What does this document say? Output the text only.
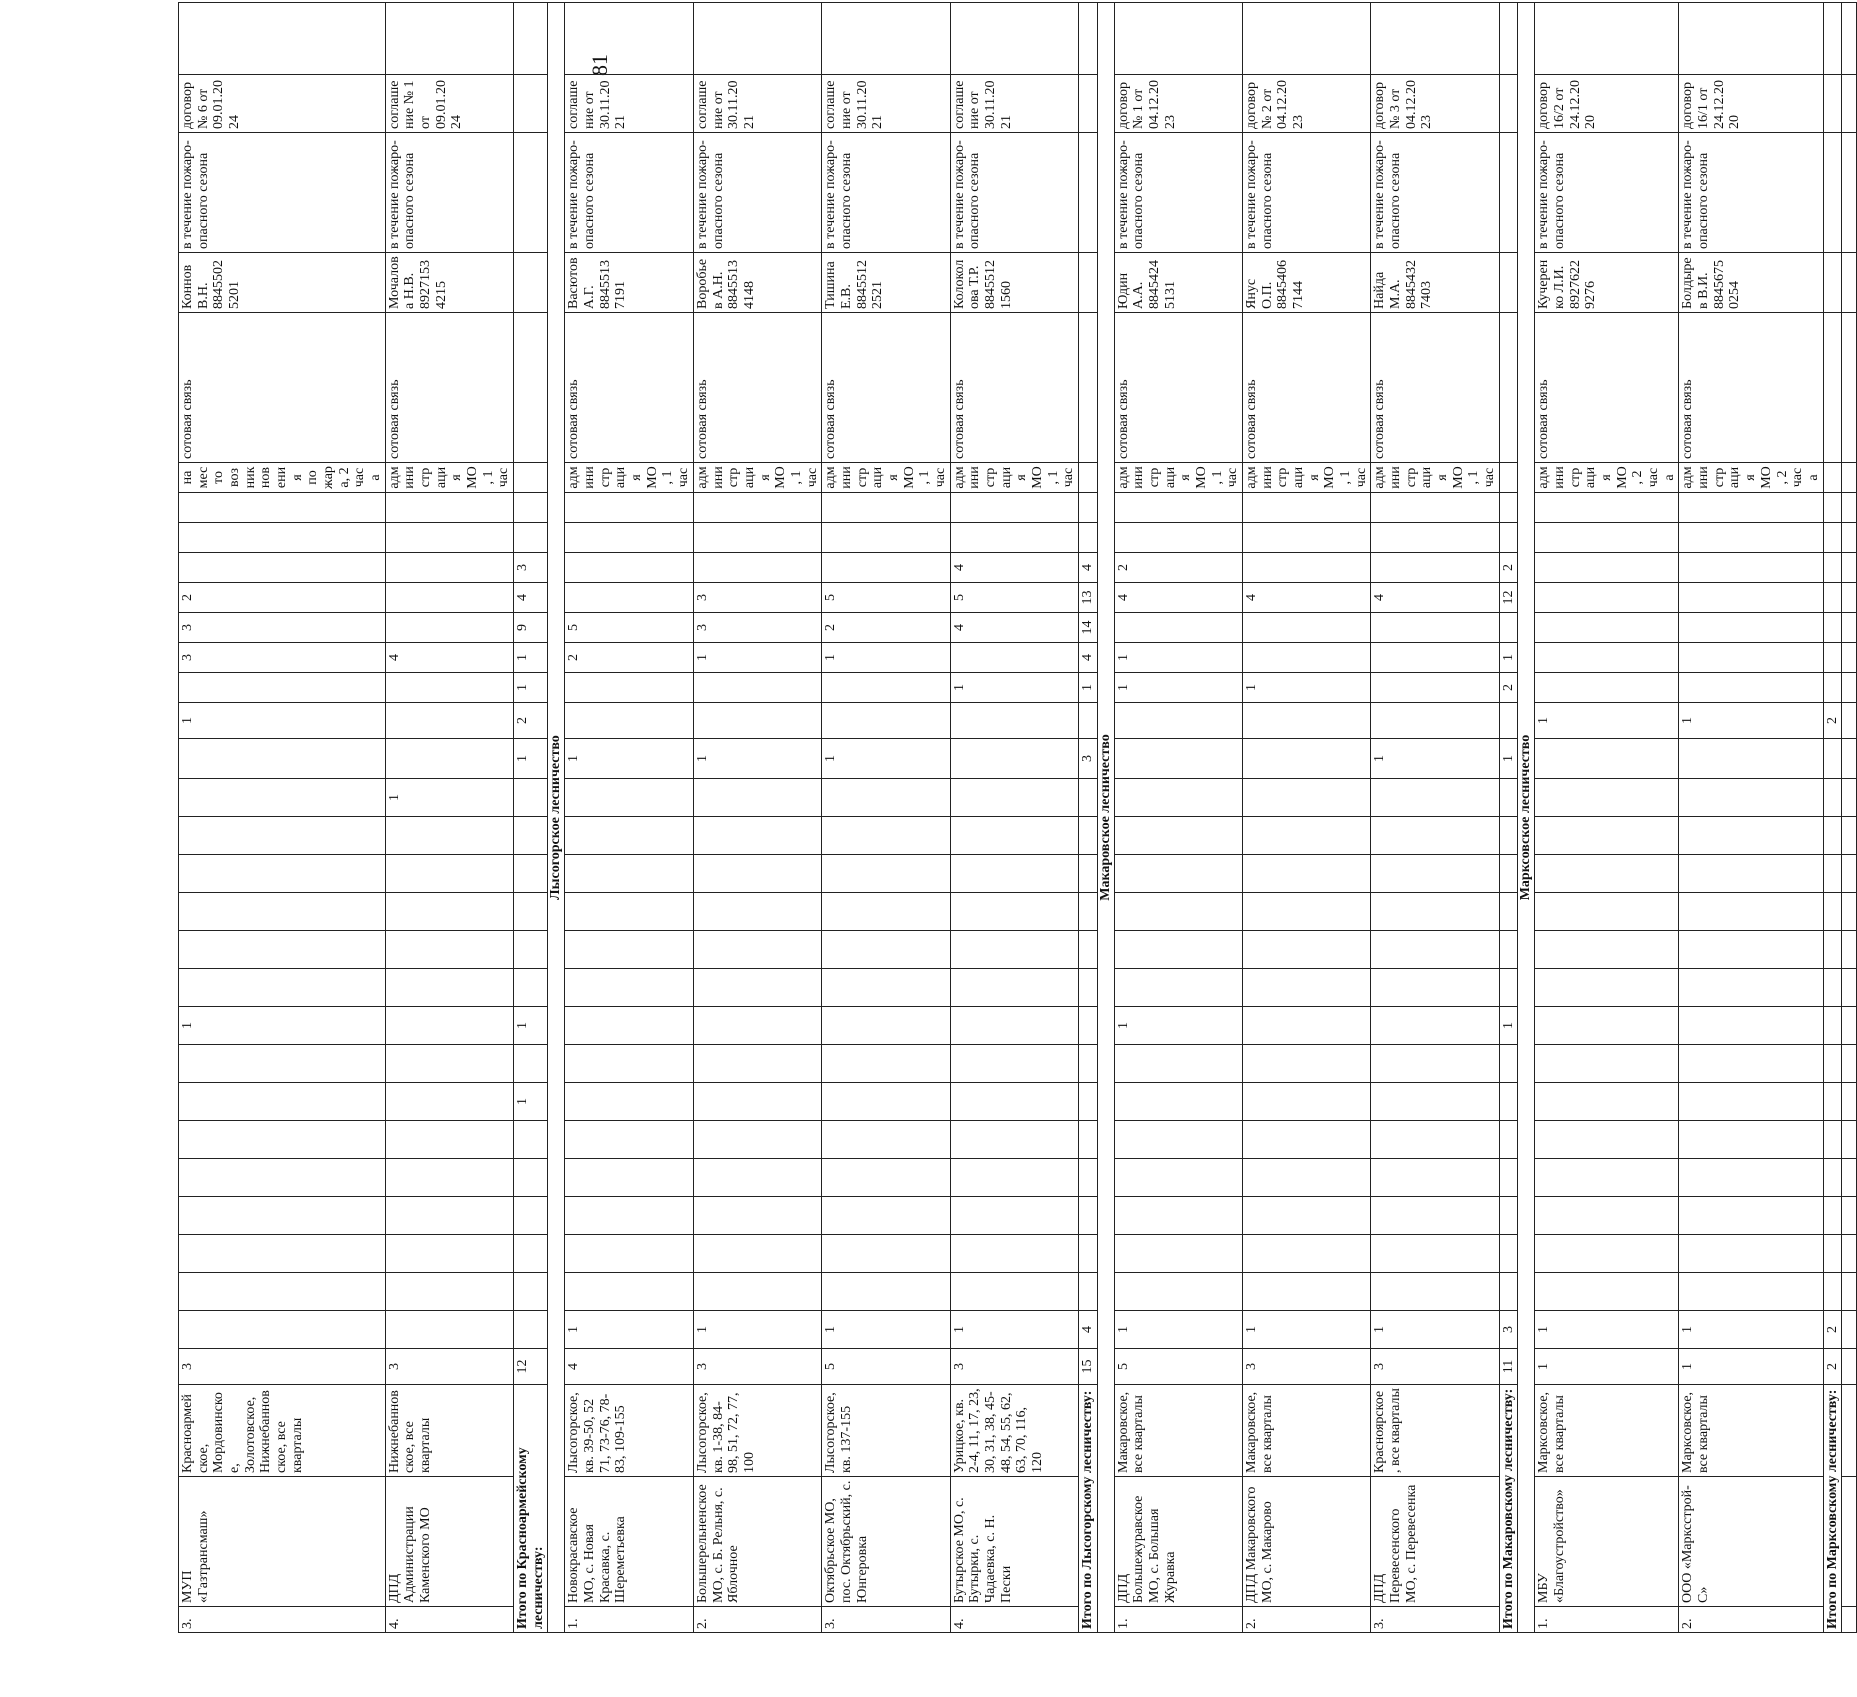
81
3.	МУП «Газтрансмаш»	Красноармейское, Мордовинское, Золотовское, Нижнебанновское, все кварталы	3									1								1		3	3	2				на место возникновения пожара, 2 часа	сотовая связь	Коннов В.Н. 88455025201	в течение пожаро-опасного сезона	договор № 6 от 09.01.2024	
4.	ДПД Администрации Каменского МО	Нижнебанновское, все кварталы	3															1				4						администрация МО, 1 час	сотовая связь	Мочалова Н.В. 89271534215	в течение пожаро-опасного сезона	соглашение № 1 от 09.01.2024	
Итого по Красноармейскому лесничеству:			12							1		1							1	2	1	1	9	4	3								
Лысогорское лесничество																																	
1.	Новокрасавское МО, с. Новая Красавка, с. Шереметьевка	Лысогорское, кв. 39-50, 52 71, 73-76, 78-83, 109-155	4	1															1			2	5					администрация МО, 1 час	сотовая связь	Васютов А.Г. 88455137191	в течение пожаро-опасного сезона	соглашение от 30.11.2021	
2.	Большерельненское МО, с. Б. Рельня, с. Яблочное	Лысогорское, кв. 1-38, 84-98, 51, 72, 77, 100	3	1															1			1	3	3				администрация МО, 1 час	сотовая связь	Воробьев А.Н. 88455134148	в течение пожаро-опасного сезона	соглашение от 30.11.2021	
3.	Октябрьское МО, пос. Октябрьский, с. Юнгеровка	Лысогорское, кв. 137-155	5	1															1			1	2	5				администрация МО, 1 час	сотовая связь	Тишина Е.В. 88455122521	в течение пожаро-опасного сезона	соглашение от 30.11.2021	
4.	Бутырское МО, с. Бутырки, с. Чадаевка, с. Н. Пески	Урицкое, кв. 2-4, 11, 17, 23, 30, 31, 38, 45-48, 54, 55, 62, 63, 70, 116, 120	3	1																	1		4	5	4			администрация МО, 1 час	сотовая связь	Колоколова Т.Р. 88455121560	в течение пожаро-опасного сезона	соглашение от 30.11.2021	
Итого по Лысогорскому лесничеству:			15	4															3		1	4	14	13	4								
Макаровское лесничество																																	
1.	ДПД Большежуравское МО, с. Большая Журавка	Макаровское, все кварталы	5	1								1									1	1		4	2			администрация МО, 1 час	сотовая связь	Юдин А.А. 88454245131	в течение пожаро-опасного сезона	договор № 1 от 04.12.2023	
2.	ДПД Макаровского МО, с. Макарово	Макаровское, все кварталы	3	1																	1			4				администрация МО, 1 час	сотовая связь	Янус О.П. 88454067144	в течение пожаро-опасного сезона	договор № 2 от 04.12.2023	
3.	ДПД Перевесенского МО, с. Перевесенка	Красноярское, все кварталы	3	1															1					4				администрация МО, 1 час	сотовая связь	Найда М.А. 88454327403	в течение пожаро-опасного сезона	договор № 3 от 04.12.2023	
Итого по Макаровскому лесничеству:			11	3								1							1		2	1		12	2								
Марксовское лесничество																																	
1.	МБУ «Благоустройство»	Марксовское, все кварталы	1	1																1								администрация МО, 2 часа	сотовая связь	Кучеренко Л.И. 89276229276	в течение пожаро-опасного сезона	договор 16/2 от 24.12.2020	
2.	ООО «Марксстрой-С»	Марксовское, все кварталы	1	1																1								администрация МО, 2 часа	сотовая связь	Болдырев В.И. 88456750254	в течение пожаро-опасного сезона	договор 16/1 от 24.12.2020	
Итого по Марксовскому лесничеству:			2	2																2													
